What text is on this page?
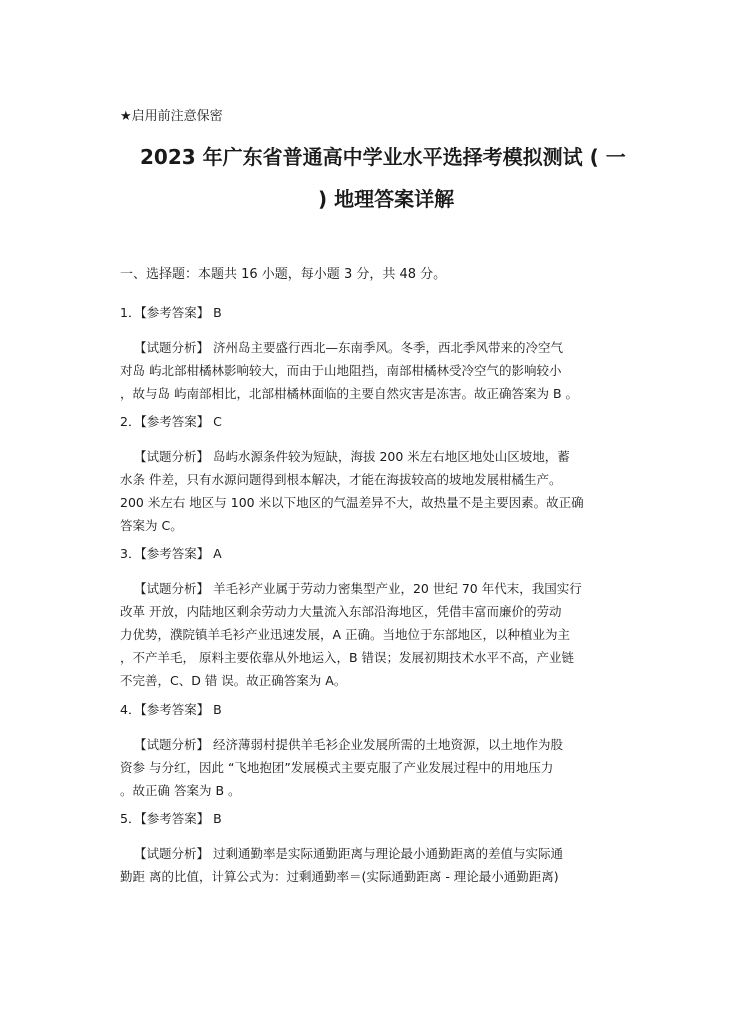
★启用前注意保密
2023 年广东省普通高中学业水平选择考模拟测试 ( 一
) 地理答案详解
一、选择题：本题共 16 小题，每小题 3 分，共 48 分。
1．【参考答案】 B
【试题分析】 济州岛主要盛行西北—东南季风。冬季，西北季风带来的冷空气
对岛 屿北部柑橘林影响较大，而由于山地阻挡，南部柑橘林受冷空气的影响较小
，故与岛 屿南部相比，北部柑橘林面临的主要自然灾害是冻害。故正确答案为 B 。
2．【参考答案】 C
【试题分析】 岛屿水源条件较为短缺，海拔 200 米左右地区地处山区坡地，蓄
水条 件差，只有水源问题得到根本解决，才能在海拔较高的坡地发展柑橘生产。
200 米左右 地区与 100 米以下地区的气温差异不大，故热量不是主要因素。故正确
答案为 C。
3．【参考答案】 A
【试题分析】 羊毛衫产业属于劳动力密集型产业，20 世纪 70 年代末，我国实行
改革 开放，内陆地区剩余劳动力大量流入东部沿海地区，凭借丰富而廉价的劳动
力优势，濮院镇羊毛衫产业迅速发展，A 正确。当地位于东部地区，以种植业为主
，不产羊毛， 原料主要依靠从外地运入，B 错误；发展初期技术水平不高，产业链
不完善，C、D 错 误。故正确答案为 A。
4．【参考答案】 B
【试题分析】 经济薄弱村提供羊毛衫企业发展所需的土地资源，以土地作为股
资参 与分红，因此 “飞地抱团”发展模式主要克服了产业发展过程中的用地压力
。故正确 答案为 B 。
5．【参考答案】 B
【试题分析】 过剩通勤率是实际通勤距离与理论最小通勤距离的差值与实际通
勤距 离的比值，计算公式为：过剩通勤率＝(实际通勤距离 - 理论最小通勤距离)
